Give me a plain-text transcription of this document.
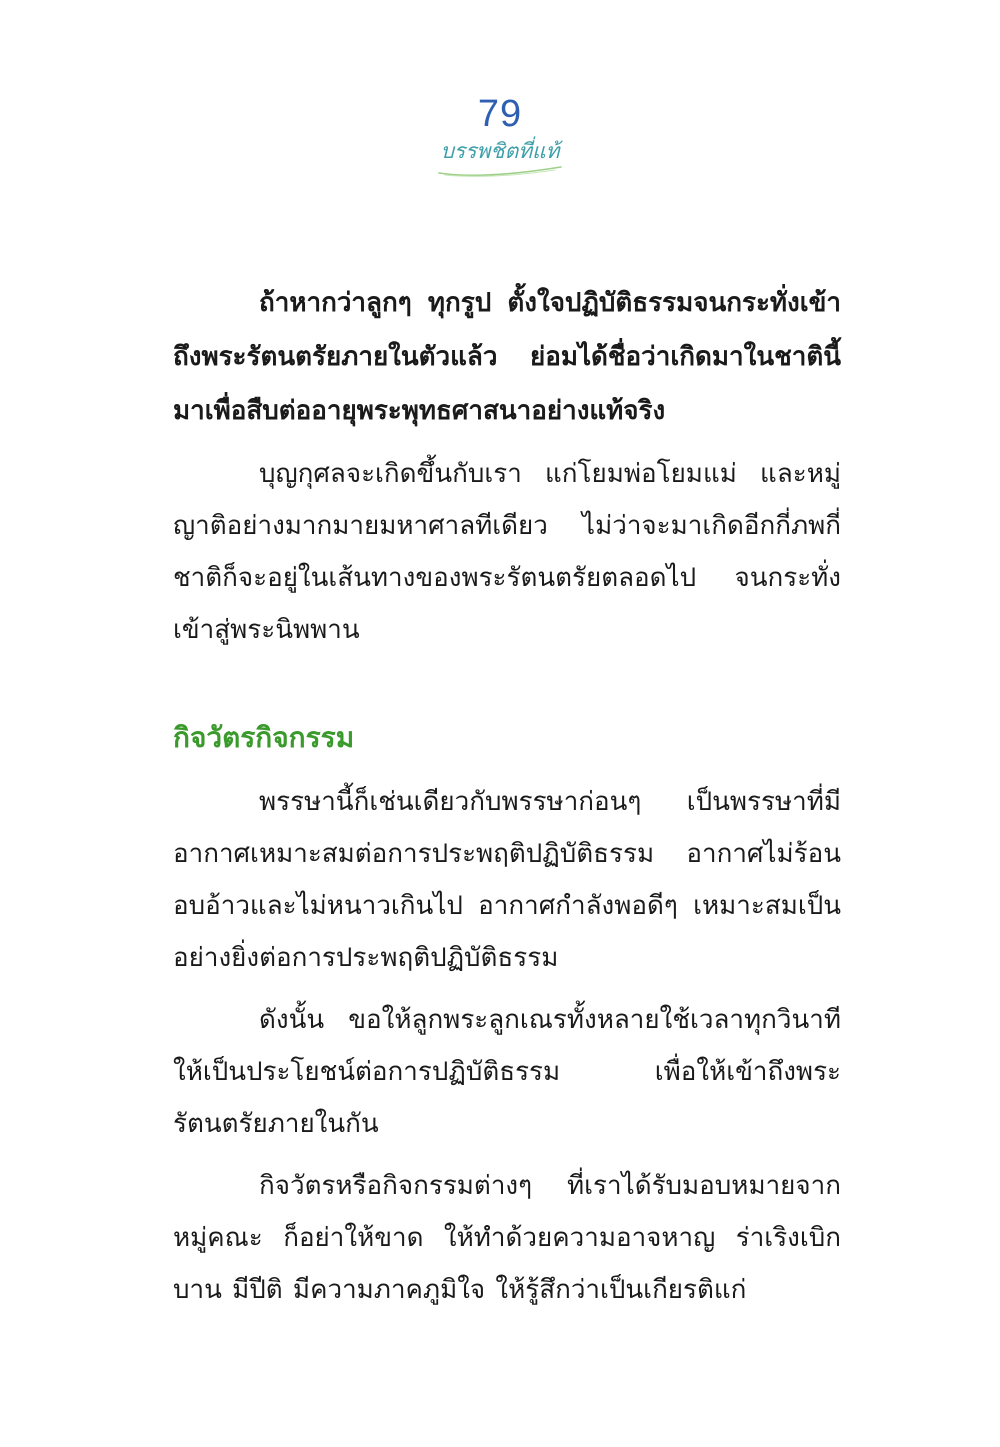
79
บรรพชิตที่แท้

ถ้าหากว่าลูกๆ ทุกรูป ตั้งใจปฏิบัติธรรมจนกระทั่งเข้าถึงพระรัตนตรัยภายในตัวแล้ว ย่อมได้ชื่อว่าเกิดมาในชาตินี้ มาเพื่อสืบต่ออายุพระพุทธศาสนาอย่างแท้จริง

บุญกุศลจะเกิดขึ้นกับเรา แก่โยมพ่อโยมแม่ และหมู่ญาติอย่างมากมายมหาศาลทีเดียว ไม่ว่าจะมาเกิดอีกกี่ภพกี่ชาติก็จะอยู่ในเส้นทางของพระรัตนตรัยตลอดไป จนกระทั่งเข้าสู่พระนิพพาน

กิจวัตรกิจกรรม

พรรษานี้ก็เช่นเดียวกับพรรษาก่อนๆ เป็นพรรษาที่มีอากาศเหมาะสมต่อการประพฤติปฏิบัติธรรม อากาศไม่ร้อนอบอ้าวและไม่หนาวเกินไป อากาศกำลังพอดีๆ เหมาะสมเป็นอย่างยิ่งต่อการประพฤติปฏิบัติธรรม

ดังนั้น ขอให้ลูกพระลูกเณรทั้งหลายใช้เวลาทุกวินาทีให้เป็นประโยชน์ต่อการปฏิบัติธรรม เพื่อให้เข้าถึงพระรัตนตรัยภายในกัน

กิจวัตรหรือกิจกรรมต่างๆ ที่เราได้รับมอบหมายจากหมู่คณะ ก็อย่าให้ขาด ให้ทำด้วยความอาจหาญ ร่าเริงเบิกบาน มีปีติ มีความภาคภูมิใจ ให้รู้สึกว่าเป็นเกียรติแก่
